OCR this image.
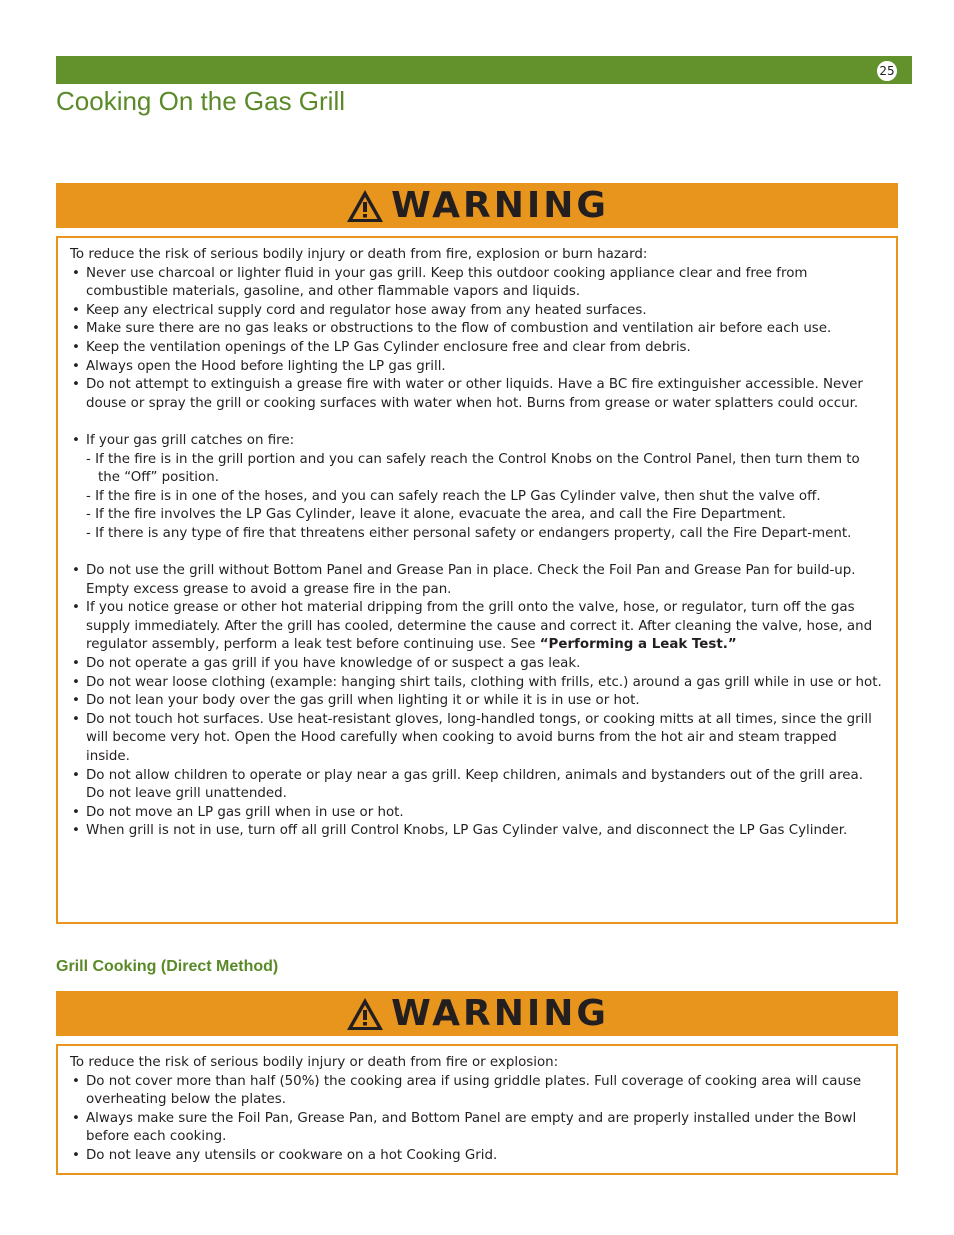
25
Cooking On the Gas Grill
WARNING

To reduce the risk of serious bodily injury or death from fire, explosion or burn hazard:

• Never use charcoal or lighter fluid in your gas grill. Keep this outdoor cooking appliance clear and free from combustible materials, gasoline, and other flammable vapors and liquids.
• Keep any electrical supply cord and regulator hose away from any heated surfaces.
• Make sure there are no gas leaks or obstructions to the flow of combustion and ventilation air before each use.
• Keep the ventilation openings of the LP Gas Cylinder enclosure free and clear from debris.
• Always open the Hood before lighting the LP gas grill.
• Do not attempt to extinguish a grease fire with water or other liquids. Have a BC fire extinguisher accessible. Never douse or spray the grill or cooking surfaces with water when hot. Burns from grease or water splatters could occur.
• If your gas grill catches on fire:
- If the fire is in the grill portion and you can safely reach the Control Knobs on the Control Panel, then turn them to the “Off” position.
- If the fire is in one of the hoses, and you can safely reach the LP Gas Cylinder valve, then shut the valve off.
- If the fire involves the LP Gas Cylinder, leave it alone, evacuate the area, and call the Fire Department.
- If there is any type of fire that threatens either personal safety or endangers property, call the Fire Depart-ment.
• Do not use the grill without Bottom Panel and Grease Pan in place. Check the Foil Pan and Grease Pan for build-up. Empty excess grease to avoid a grease fire in the pan.
• If you notice grease or other hot material dripping from the grill onto the valve, hose, or regulator, turn off the gas supply immediately. After the grill has cooled, determine the cause and correct it. After cleaning the valve, hose, and regulator assembly, perform a leak test before continuing use. See “Performing a Leak Test.”
• Do not operate a gas grill if you have knowledge of or suspect a gas leak.
• Do not wear loose clothing (example: hanging shirt tails, clothing with frills, etc.) around a gas grill while in use or hot.
• Do not lean your body over the gas grill when lighting it or while it is in use or hot.
• Do not touch hot surfaces. Use heat-resistant gloves, long-handled tongs, or cooking mitts at all times, since the grill will become very hot. Open the Hood carefully when cooking to avoid burns from the hot air and steam trapped inside.
• Do not allow children to operate or play near a gas grill. Keep children, animals and bystanders out of the grill area. Do not leave grill unattended.
• Do not move an LP gas grill when in use or hot.
• When grill is not in use, turn off all grill Control Knobs, LP Gas Cylinder valve, and disconnect the LP Gas Cylinder.
Grill Cooking (Direct Method)
WARNING

To reduce the risk of serious bodily injury or death from fire or explosion:

• Do not cover more than half (50%) the cooking area if using griddle plates. Full coverage of cooking area will cause overheating below the plates.
• Always make sure the Foil Pan, Grease Pan, and Bottom Panel are empty and are properly installed under the Bowl before each cooking.
• Do not leave any utensils or cookware on a hot Cooking Grid.
